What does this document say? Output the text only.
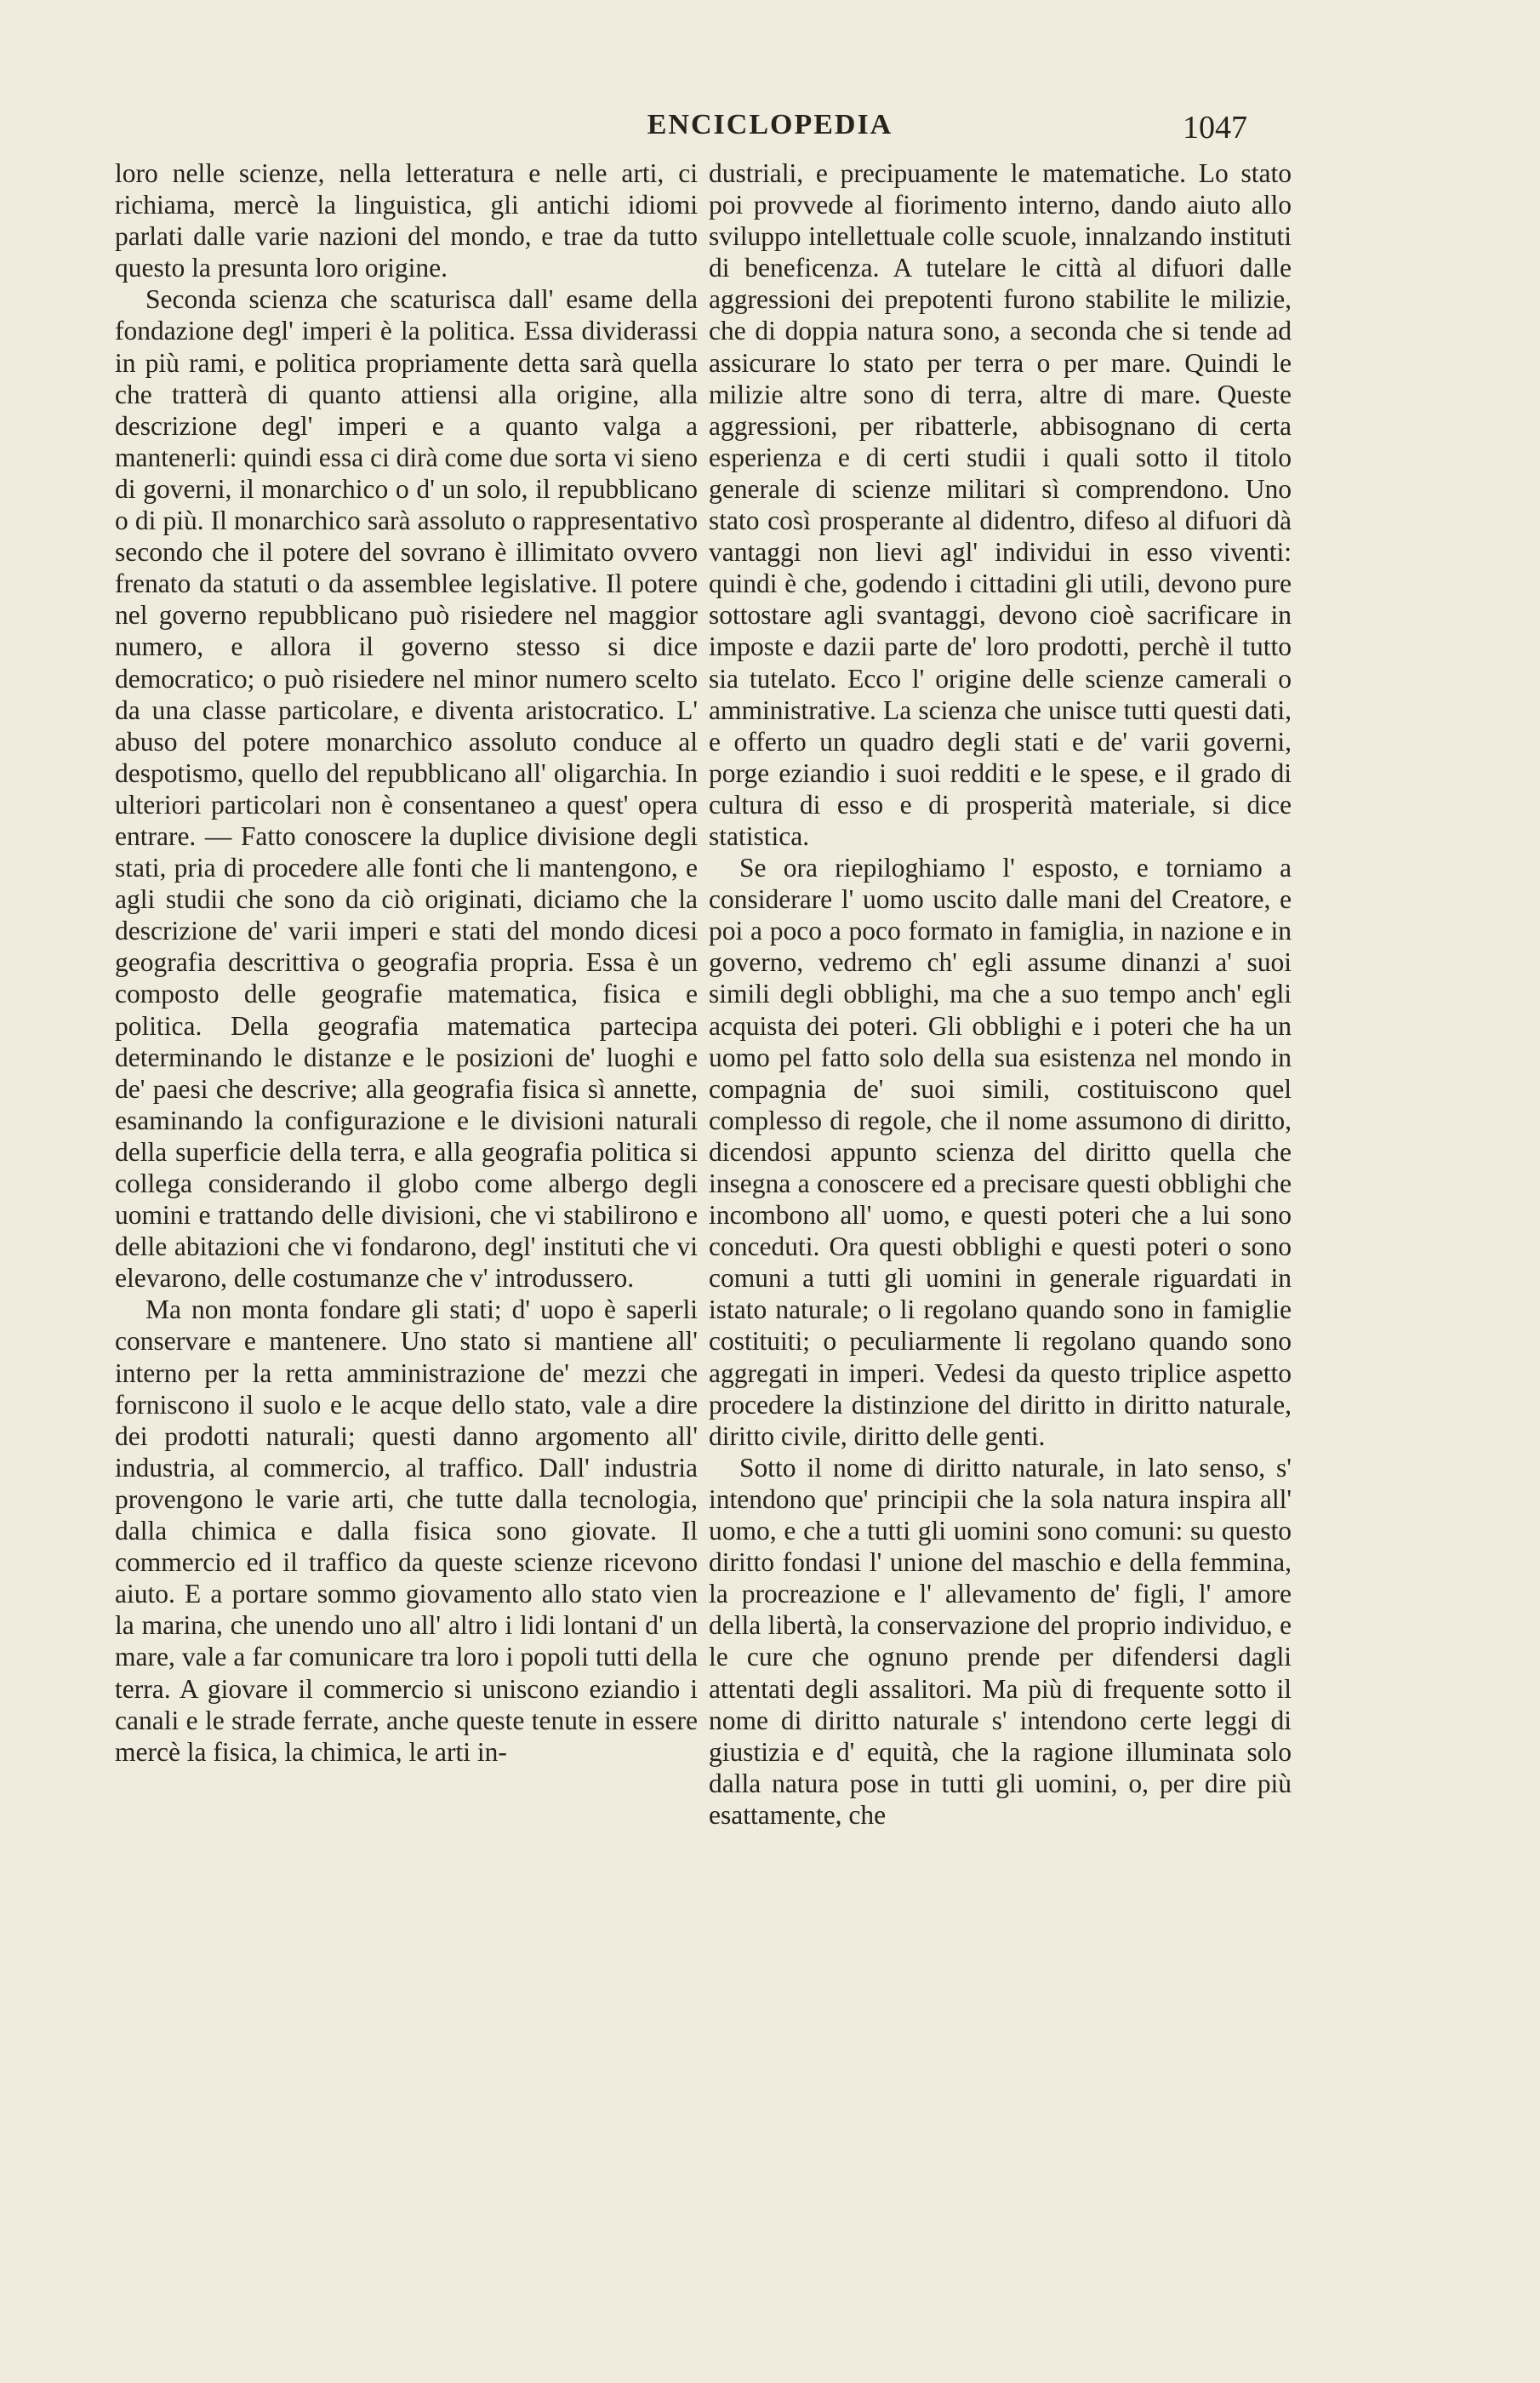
ENCICLOPEDIA	1047

loro nelle scienze, nella letteratura e nelle arti, ci richiama, mercè la linguistica, gli antichi idiomi parlati dalle varie nazioni del mondo, e trae da tutto questo la presunta loro origine.

Seconda scienza che scaturisca dall' esame della fondazione degl' imperi è la politica. Essa dividerassi in più rami, e politica propriamente detta sarà quella che tratterà di quanto attiensi alla origine, alla descrizione degl' imperi e a quanto valga a mantenerli: quindi essa ci dirà come due sorta vi sieno di governi, il monarchico o d' un solo, il repubblicano o di più. Il monarchico sarà assoluto o rappresentativo secondo che il potere del sovrano è illimitato ovvero frenato da statuti o da assemblee legislative. Il potere nel governo repubblicano può risiedere nel maggior numero, e allora il governo stesso si dice democratico; o può risiedere nel minor numero scelto da una classe particolare, e diventa aristocratico. L' abuso del potere monarchico assoluto conduce al despotismo, quello del repubblicano all' oligarchia. In ulteriori particolari non è consentaneo a quest' opera entrare. — Fatto conoscere la duplice divisione degli stati, pria di procedere alle fonti che li mantengono, e agli studii che sono da ciò originati, diciamo che la descrizione de' varii imperi e stati del mondo dicesi geografia descrittiva o geografia propria. Essa è un composto delle geografie matematica, fisica e politica. Della geografia matematica partecipa determinando le distanze e le posizioni de' luoghi e de' paesi che descrive; alla geografia fisica sì annette, esaminando la configurazione e le divisioni naturali della superficie della terra, e alla geografia politica si collega considerando il globo come albergo degli uomini e trattando delle divisioni, che vi stabilirono e delle abitazioni che vi fondarono, degl' instituti che vi elevarono, delle costumanze che v' introdussero.

Ma non monta fondare gli stati; d' uopo è saperli conservare e mantenere. Uno stato si mantiene all' interno per la retta amministrazione de' mezzi che forniscono il suolo e le acque dello stato, vale a dire dei prodotti naturali; questi danno argomento all' industria, al commercio, al traffico. Dall' industria provengono le varie arti, che tutte dalla tecnologia, dalla chimica e dalla fisica sono giovate. Il commercio ed il traffico da queste scienze ricevono aiuto. E a portare sommo giovamento allo stato vien la marina, che unendo uno all' altro i lidi lontani d' un mare, vale a far comunicare tra loro i popoli tutti della terra. A giovare il commercio si uniscono eziandio i canali e le strade ferrate, anche queste tenute in essere mercè la fisica, la chimica, le arti in-

dustriali, e precipuamente le matematiche. Lo stato poi provvede al fiorimento interno, dando aiuto allo sviluppo intellettuale colle scuole, innalzando instituti di beneficenza. A tutelare le città al difuori dalle aggressioni dei prepotenti furono stabilite le milizie, che di doppia natura sono, a seconda che si tende ad assicurare lo stato per terra o per mare. Quindi le milizie altre sono di terra, altre di mare. Queste aggressioni, per ribatterle, abbisognano di certa esperienza e di certi studii i quali sotto il titolo generale di scienze militari sì comprendono. Uno stato così prosperante al didentro, difeso al difuori dà vantaggi non lievi agl' individui in esso viventi: quindi è che, godendo i cittadini gli utili, devono pure sottostare agli svantaggi, devono cioè sacrificare in imposte e dazii parte de' loro prodotti, perchè il tutto sia tutelato. Ecco l' origine delle scienze camerali o amministrative. La scienza che unisce tutti questi dati, e offerto un quadro degli stati e de' varii governi, porge eziandio i suoi redditi e le spese, e il grado di cultura di esso e di prosperità materiale, si dice statistica.

Se ora riepiloghiamo l' esposto, e torniamo a considerare l' uomo uscito dalle mani del Creatore, e poi a poco a poco formato in famiglia, in nazione e in governo, vedremo ch' egli assume dinanzi a' suoi simili degli obblighi, ma che a suo tempo anch' egli acquista dei poteri. Gli obblighi e i poteri che ha un uomo pel fatto solo della sua esistenza nel mondo in compagnia de' suoi simili, costituiscono quel complesso di regole, che il nome assumono di diritto, dicendosi appunto scienza del diritto quella che insegna a conoscere ed a precisare questi obblighi che incombono all' uomo, e questi poteri che a lui sono conceduti. Ora questi obblighi e questi poteri o sono comuni a tutti gli uomini in generale riguardati in istato naturale; o li regolano quando sono in famiglie costituiti; o peculiarmente li regolano quando sono aggregati in imperi. Vedesi da questo triplice aspetto procedere la distinzione del diritto in diritto naturale, diritto civile, diritto delle genti.

Sotto il nome di diritto naturale, in lato senso, s' intendono que' principii che la sola natura inspira all' uomo, e che a tutti gli uomini sono comuni: su questo diritto fondasi l' unione del maschio e della femmina, la procreazione e l' allevamento de' figli, l' amore della libertà, la conservazione del proprio individuo, e le cure che ognuno prende per difendersi dagli attentati degli assalitori. Ma più di frequente sotto il nome di diritto naturale s' intendono certe leggi di giustizia e d' equità, che la ragione illuminata solo dalla natura pose in tutti gli uomini, o, per dire più esattamente, che
